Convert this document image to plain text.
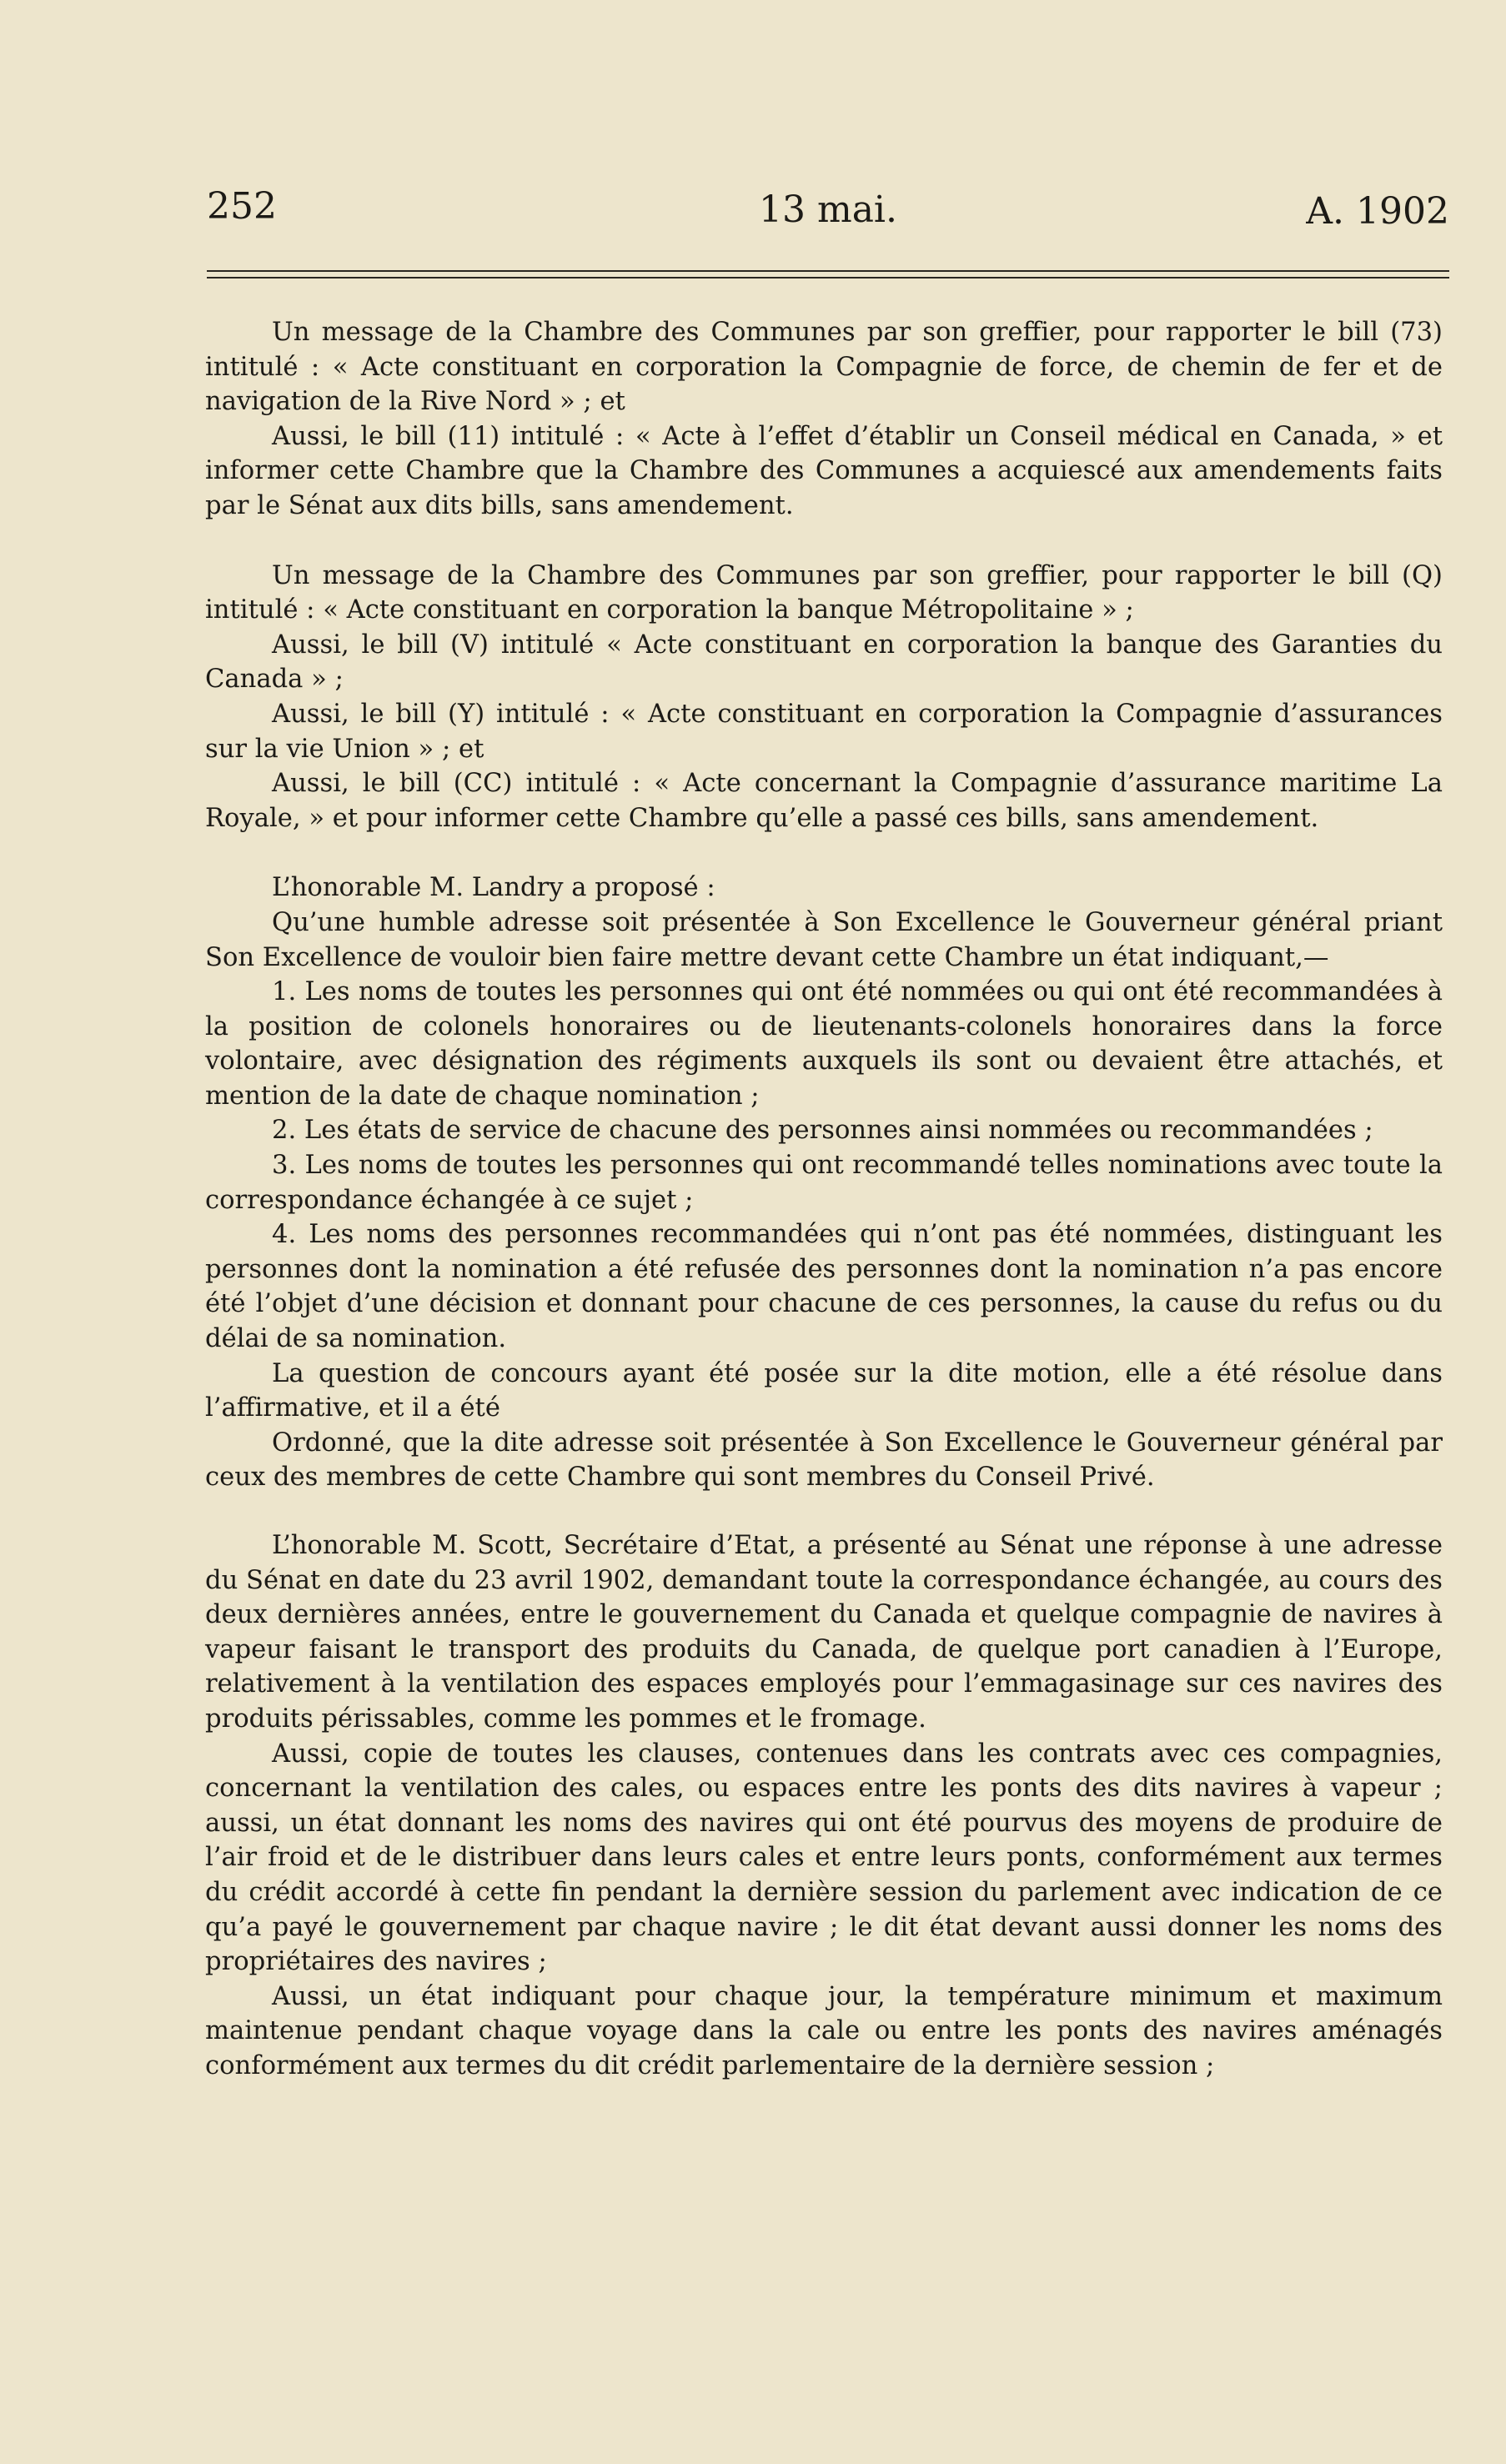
252	13 mai.	A. 1902

Un message de la Chambre des Communes par son greffier, pour rapporter le bill (73) intitulé : « Acte constituant en corporation la Compagnie de force, de chemin de fer et de navigation de la Rive Nord » ; et

Aussi, le bill (11) intitulé : « Acte à l’effet d’établir un Conseil médical en Canada, » et informer cette Chambre que la Chambre des Communes a acquiescé aux amendements faits par le Sénat aux dits bills, sans amendement.

Un message de la Chambre des Communes par son greffier, pour rapporter le bill (Q) intitulé : « Acte constituant en corporation la banque Métropolitaine » ;

Aussi, le bill (V) intitulé « Acte constituant en corporation la banque des Garanties du Canada » ;

Aussi, le bill (Y) intitulé : « Acte constituant en corporation la Compagnie d’assurances sur la vie Union » ; et

Aussi, le bill (CC) intitulé : « Acte concernant la Compagnie d’assurance maritime La Royale, » et pour informer cette Chambre qu’elle a passé ces bills, sans amendement.

L’honorable M. Landry a proposé :

Qu’une humble adresse soit présentée à Son Excellence le Gouverneur général priant Son Excellence de vouloir bien faire mettre devant cette Chambre un état indiquant,—

1. Les noms de toutes les personnes qui ont été nommées ou qui ont été recommandées à la position de colonels honoraires ou de lieutenants-colonels honoraires dans la force volontaire, avec désignation des régiments auxquels ils sont ou devaient être attachés, et mention de la date de chaque nomination ;

2. Les états de service de chacune des personnes ainsi nommées ou recommandées ;

3. Les noms de toutes les personnes qui ont recommandé telles nominations avec toute la correspondance échangée à ce sujet ;

4. Les noms des personnes recommandées qui n’ont pas été nommées, distinguant les personnes dont la nomination a été refusée des personnes dont la nomination n’a pas encore été l’objet d’une décision et donnant pour chacune de ces personnes, la cause du refus ou du délai de sa nomination.

La question de concours ayant été posée sur la dite motion, elle a été résolue dans l’affirmative, et il a été

Ordonné, que la dite adresse soit présentée à Son Excellence le Gouverneur général par ceux des membres de cette Chambre qui sont membres du Conseil Privé.

L’honorable M. Scott, Secrétaire d’Etat, a présenté au Sénat une réponse à une adresse du Sénat en date du 23 avril 1902, demandant toute la correspondance échangée, au cours des deux dernières années, entre le gouvernement du Canada et quelque compagnie de navires à vapeur faisant le transport des produits du Canada, de quelque port canadien à l’Europe, relativement à la ventilation des espaces employés pour l’emmagasinage sur ces navires des produits périssables, comme les pommes et le fromage.

Aussi, copie de toutes les clauses, contenues dans les contrats avec ces compagnies, concernant la ventilation des cales, ou espaces entre les ponts des dits navires à vapeur ; aussi, un état donnant les noms des navires qui ont été pourvus des moyens de produire de l’air froid et de le distribuer dans leurs cales et entre leurs ponts, conformément aux termes du crédit accordé à cette fin pendant la dernière session du parlement avec indication de ce qu’a payé le gouvernement par chaque navire ; le dit état devant aussi donner les noms des propriétaires des navires ;

Aussi, un état indiquant pour chaque jour, la température minimum et maximum maintenue pendant chaque voyage dans la cale ou entre les ponts des navires aménagés conformément aux termes du dit crédit parlementaire de la dernière session ;
